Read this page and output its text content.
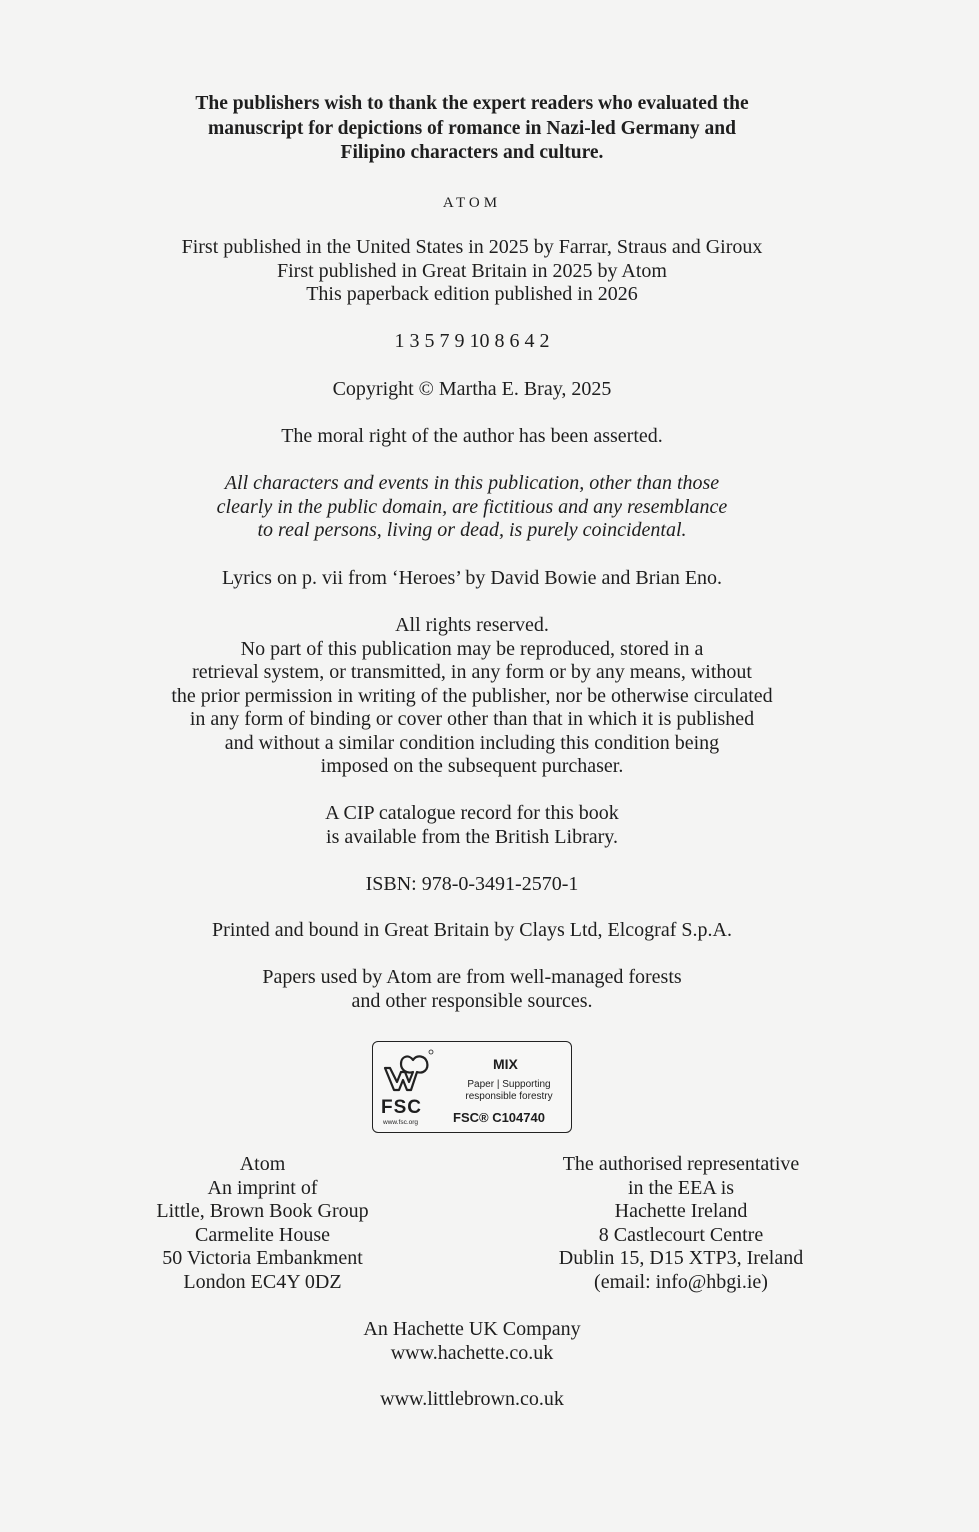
The publishers wish to thank the expert readers who evaluated the
manuscript for depictions of romance in Nazi-led Germany and
Filipino characters and culture.
ATOM
First published in the United States in 2025 by Farrar, Straus and Giroux
First published in Great Britain in 2025 by Atom
This paperback edition published in 2026
1 3 5 7 9 10 8 6 4 2
Copyright © Martha E. Bray, 2025
The moral right of the author has been asserted.
All characters and events in this publication, other than those
clearly in the public domain, are fictitious and any resemblance
to real persons, living or dead, is purely coincidental.
Lyrics on p. vii from ‘Heroes’ by David Bowie and Brian Eno.
All rights reserved.
No part of this publication may be reproduced, stored in a
retrieval system, or transmitted, in any form or by any means, without
the prior permission in writing of the publisher, nor be otherwise circulated
in any form of binding or cover other than that in which it is published
and without a similar condition including this condition being
imposed on the subsequent purchaser.
A CIP catalogue record for this book
is available from the British Library.
ISBN: 978-0-3491-2570-1
Printed and bound in Great Britain by Clays Ltd, Elcograf S.p.A.
Papers used by Atom are from well-managed forests
and other responsible sources.
FSC
www.fsc.org
MIX
Paper | Supporting
responsible forestry
FSC® C104740
Atom
An imprint of
Little, Brown Book Group
Carmelite House
50 Victoria Embankment
London EC4Y 0DZ
The authorised representative
in the EEA is
Hachette Ireland
8 Castlecourt Centre
Dublin 15, D15 XTP3, Ireland
(email: info@hbgi.ie)
An Hachette UK Company
www.hachette.co.uk
www.littlebrown.co.uk
